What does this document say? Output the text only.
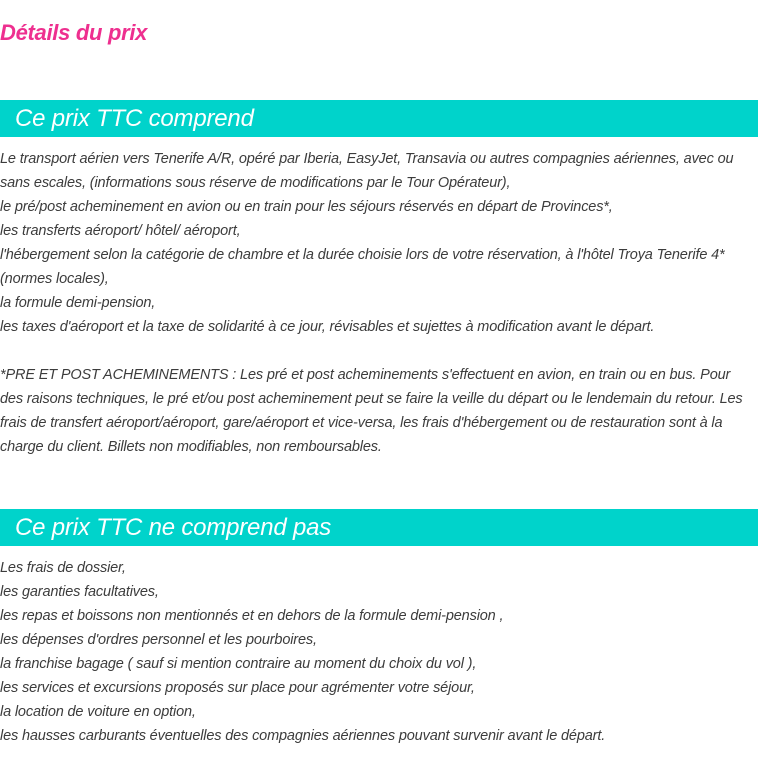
Détails du prix
Ce prix TTC comprend
Le transport aérien vers Tenerife A/R, opéré par Iberia, EasyJet, Transavia ou autres compagnies aériennes, avec ou sans escales, (informations sous réserve de modifications par le Tour Opérateur),
le pré/post acheminement en avion ou en train pour les séjours réservés en départ de Provinces*,
les transferts aéroport/ hôtel/ aéroport,
l'hébergement selon la catégorie de chambre et la durée choisie lors de votre réservation, à l'hôtel Troya Tenerife 4* (normes locales),
la formule demi-pension,
les taxes d'aéroport et la taxe de solidarité à ce jour, révisables et sujettes à modification avant le départ.
*PRE ET POST ACHEMINEMENTS : Les pré et post acheminements s'effectuent en avion, en train ou en bus. Pour des raisons techniques, le pré et/ou post acheminement peut se faire la veille du départ ou le lendemain du retour. Les frais de transfert aéroport/aéroport, gare/aéroport et vice-versa, les frais d'hébergement ou de restauration sont à la charge du client. Billets non modifiables, non remboursables.
Ce prix TTC ne comprend pas
Les frais de dossier,
les garanties facultatives,
les repas et boissons non mentionnés et en dehors de la formule demi-pension ,
les dépenses d'ordres personnel et les pourboires,
la franchise bagage ( sauf si mention contraire au moment du choix du vol ),
les services et excursions proposés sur place pour agrémenter votre séjour,
la location de voiture en option,
les hausses carburants éventuelles des compagnies aériennes pouvant survenir avant le départ.
